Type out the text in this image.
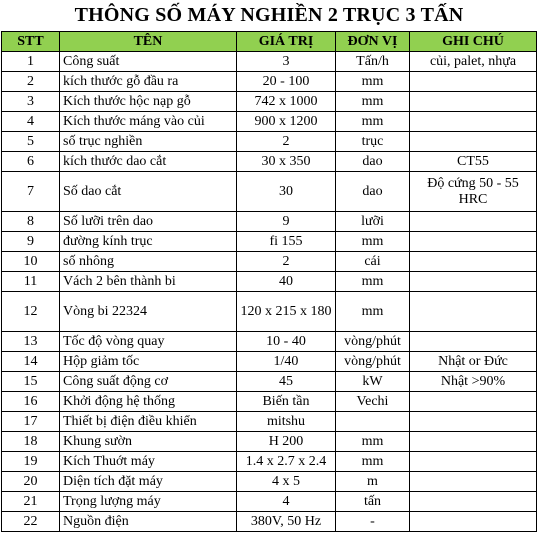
THÔNG SỐ MÁY NGHIỀN 2 TRỤC 3 TẤN
STT	TÊN	GIÁ TRỊ	ĐƠN VỊ	GHI CHÚ
1	Công suất	3	Tấn/h	củi, palet, nhựa
2	kích thước gỗ đầu ra	20 - 100	mm	
3	Kích thước hộc nạp gỗ	742 x 1000	mm	
4	Kích thước máng vào củi	900 x 1200	mm	
5	số trục nghiền	2	trục	
6	kích thước dao cắt	30 x 350	dao	CT55
7	Số dao cắt	30	dao	Độ cứng 50 - 55 HRC
8	Số lưỡi trên dao	9	lưỡi	
9	đường kính trục	fi 155	mm	
10	số nhông	2	cái	
11	Vách 2 bên thành bi	40	mm	
12	Vòng bi 22324	120 x 215 x 180	mm	
13	Tốc độ vòng quay	10 - 40	vòng/phút	
14	Hộp giảm tốc	1/40	vòng/phút	Nhật or Đức
15	Công suất động cơ	45	kW	Nhật >90%
16	Khởi động hệ thống	Biến tần	Vechi	
17	Thiết bị điện điều khiển	mitshu		
18	Khung sườn	H 200	mm	
19	Kích Thuớt máy	1.4 x 2.7 x 2.4	mm	
20	Diện tích đặt máy	4 x 5	m	
21	Trọng lượng máy	4	tấn	
22	Nguồn điện	380V, 50 Hz	-	
